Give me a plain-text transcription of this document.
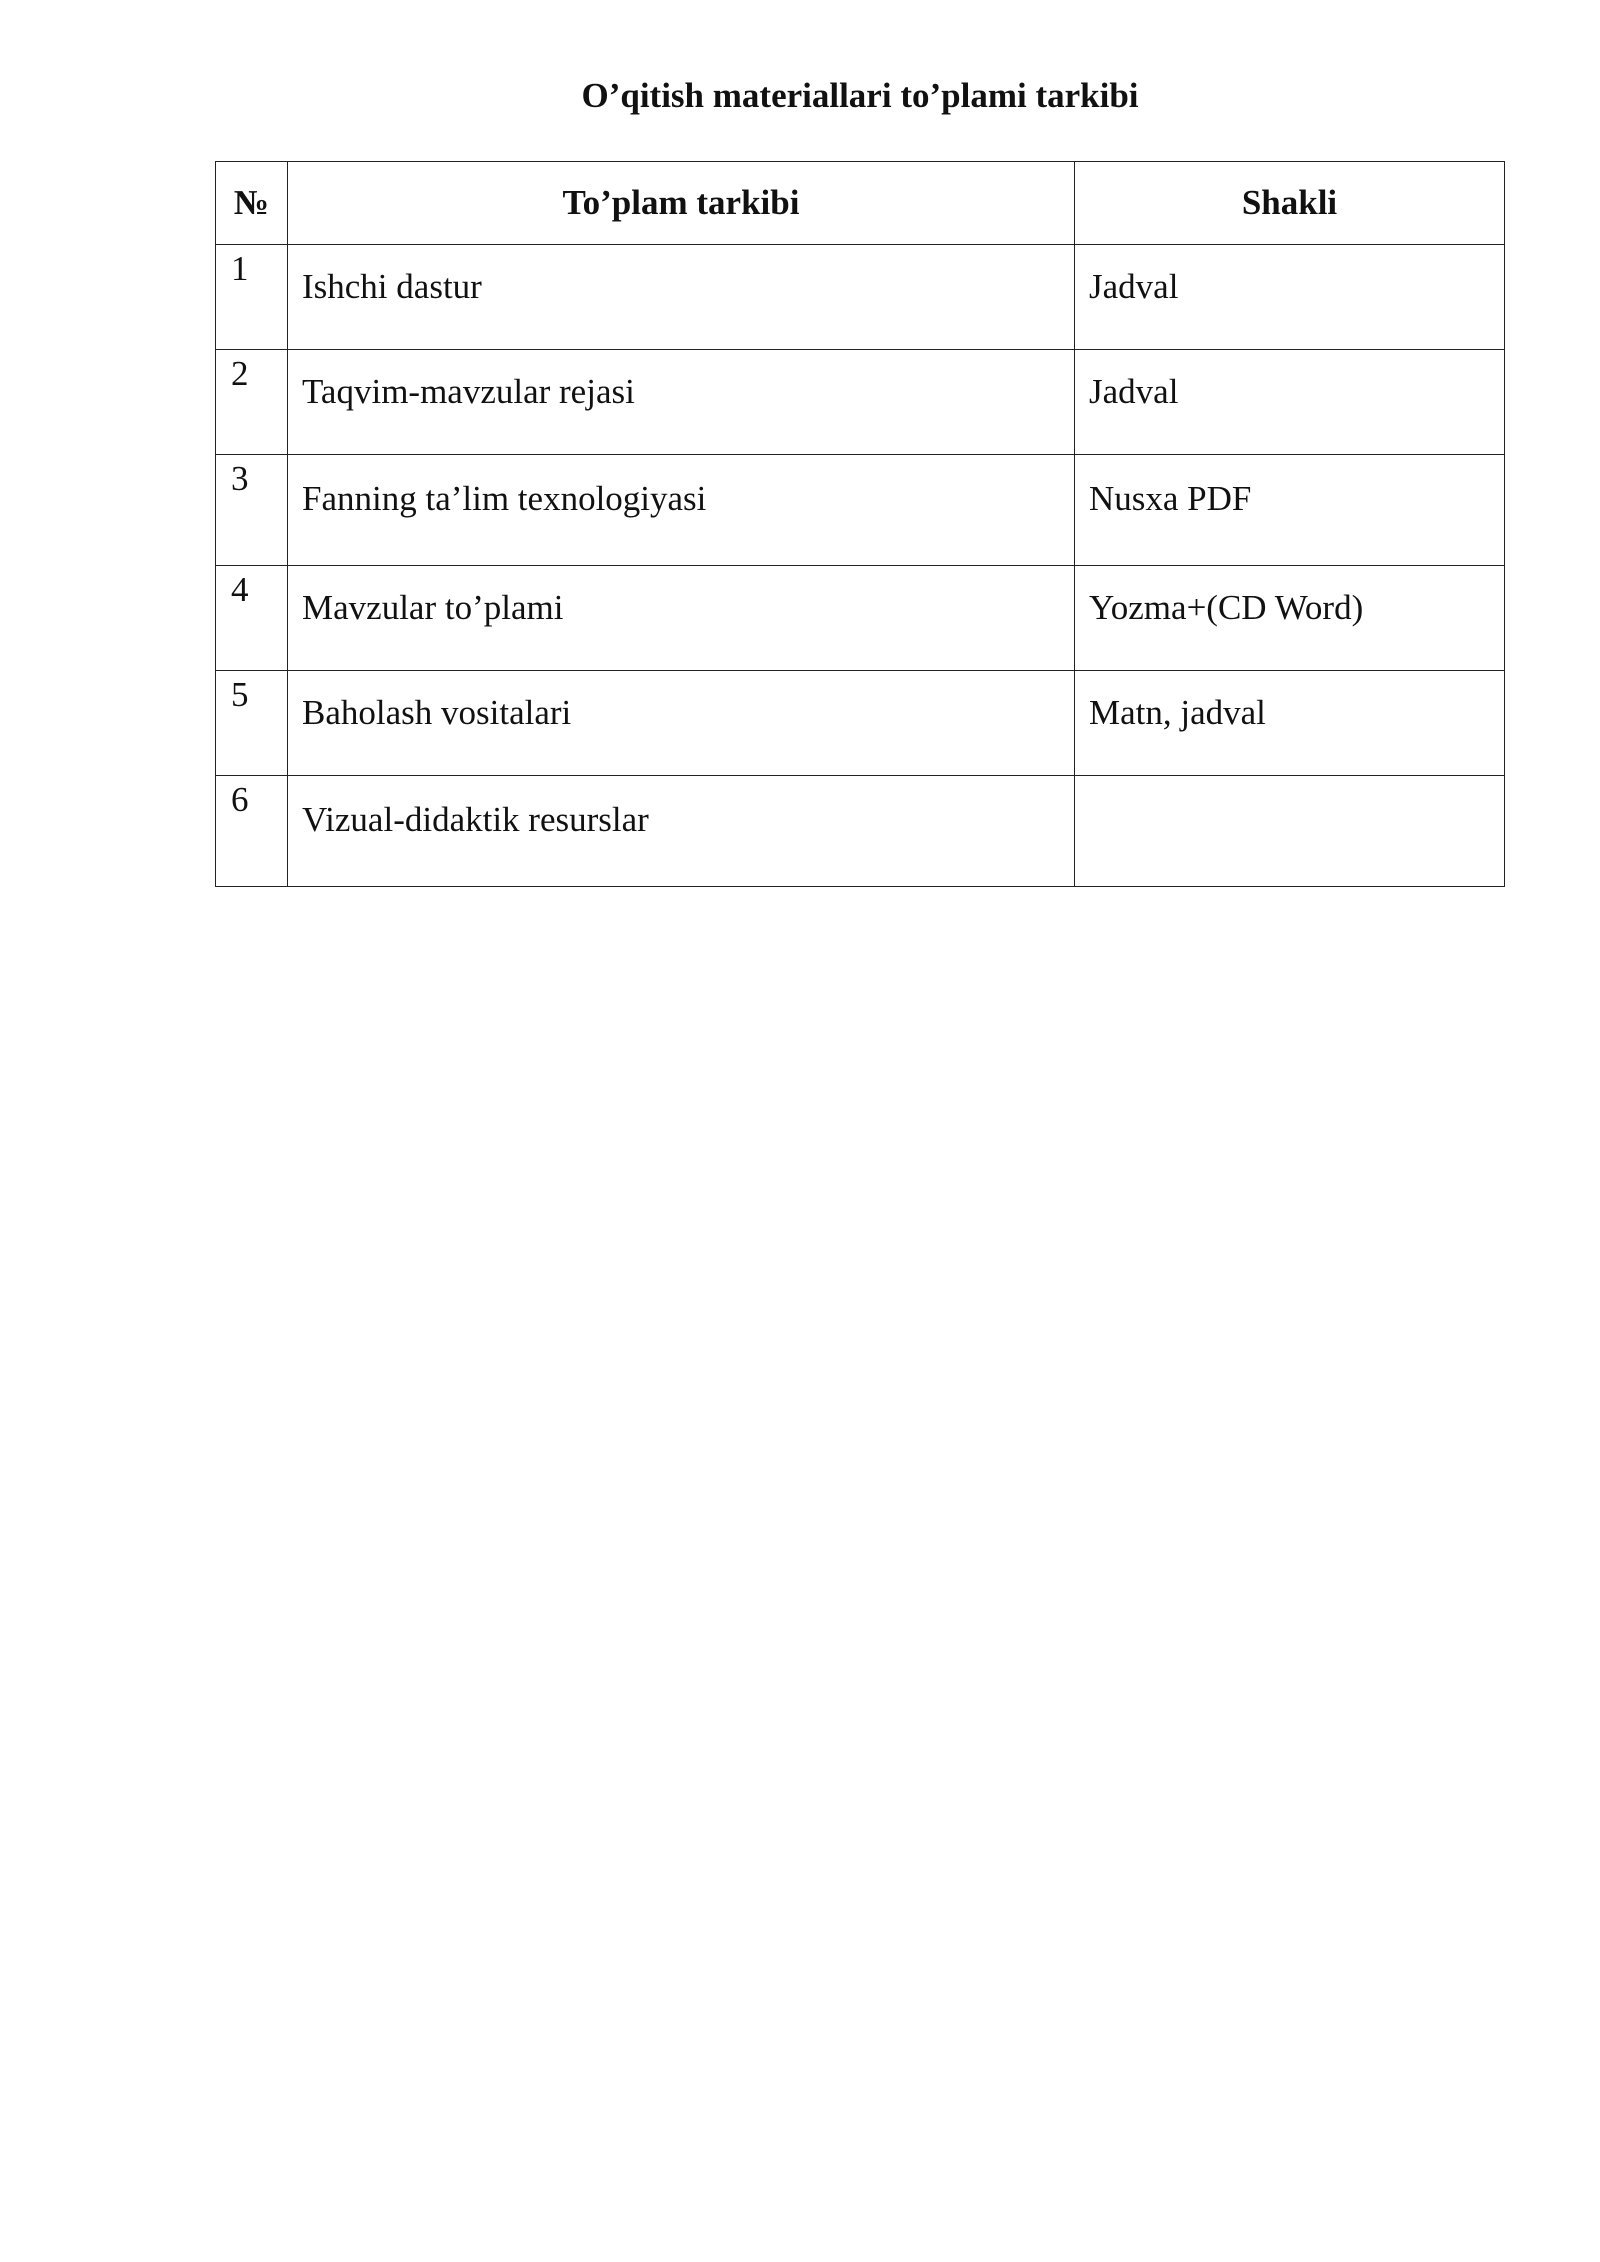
O’qitish materiallari to’plami tarkibi
№	To’plam tarkibi	Shakli
1	Ishchi dastur	Jadval
2	Taqvim-mavzular rejasi	Jadval
3	Fanning ta’lim texnologiyasi	Nusxa PDF
4	Mavzular to’plami	Yozma+(CD Word)
5	Baholash vositalari	Matn, jadval
6	Vizual-didaktik resurslar	
